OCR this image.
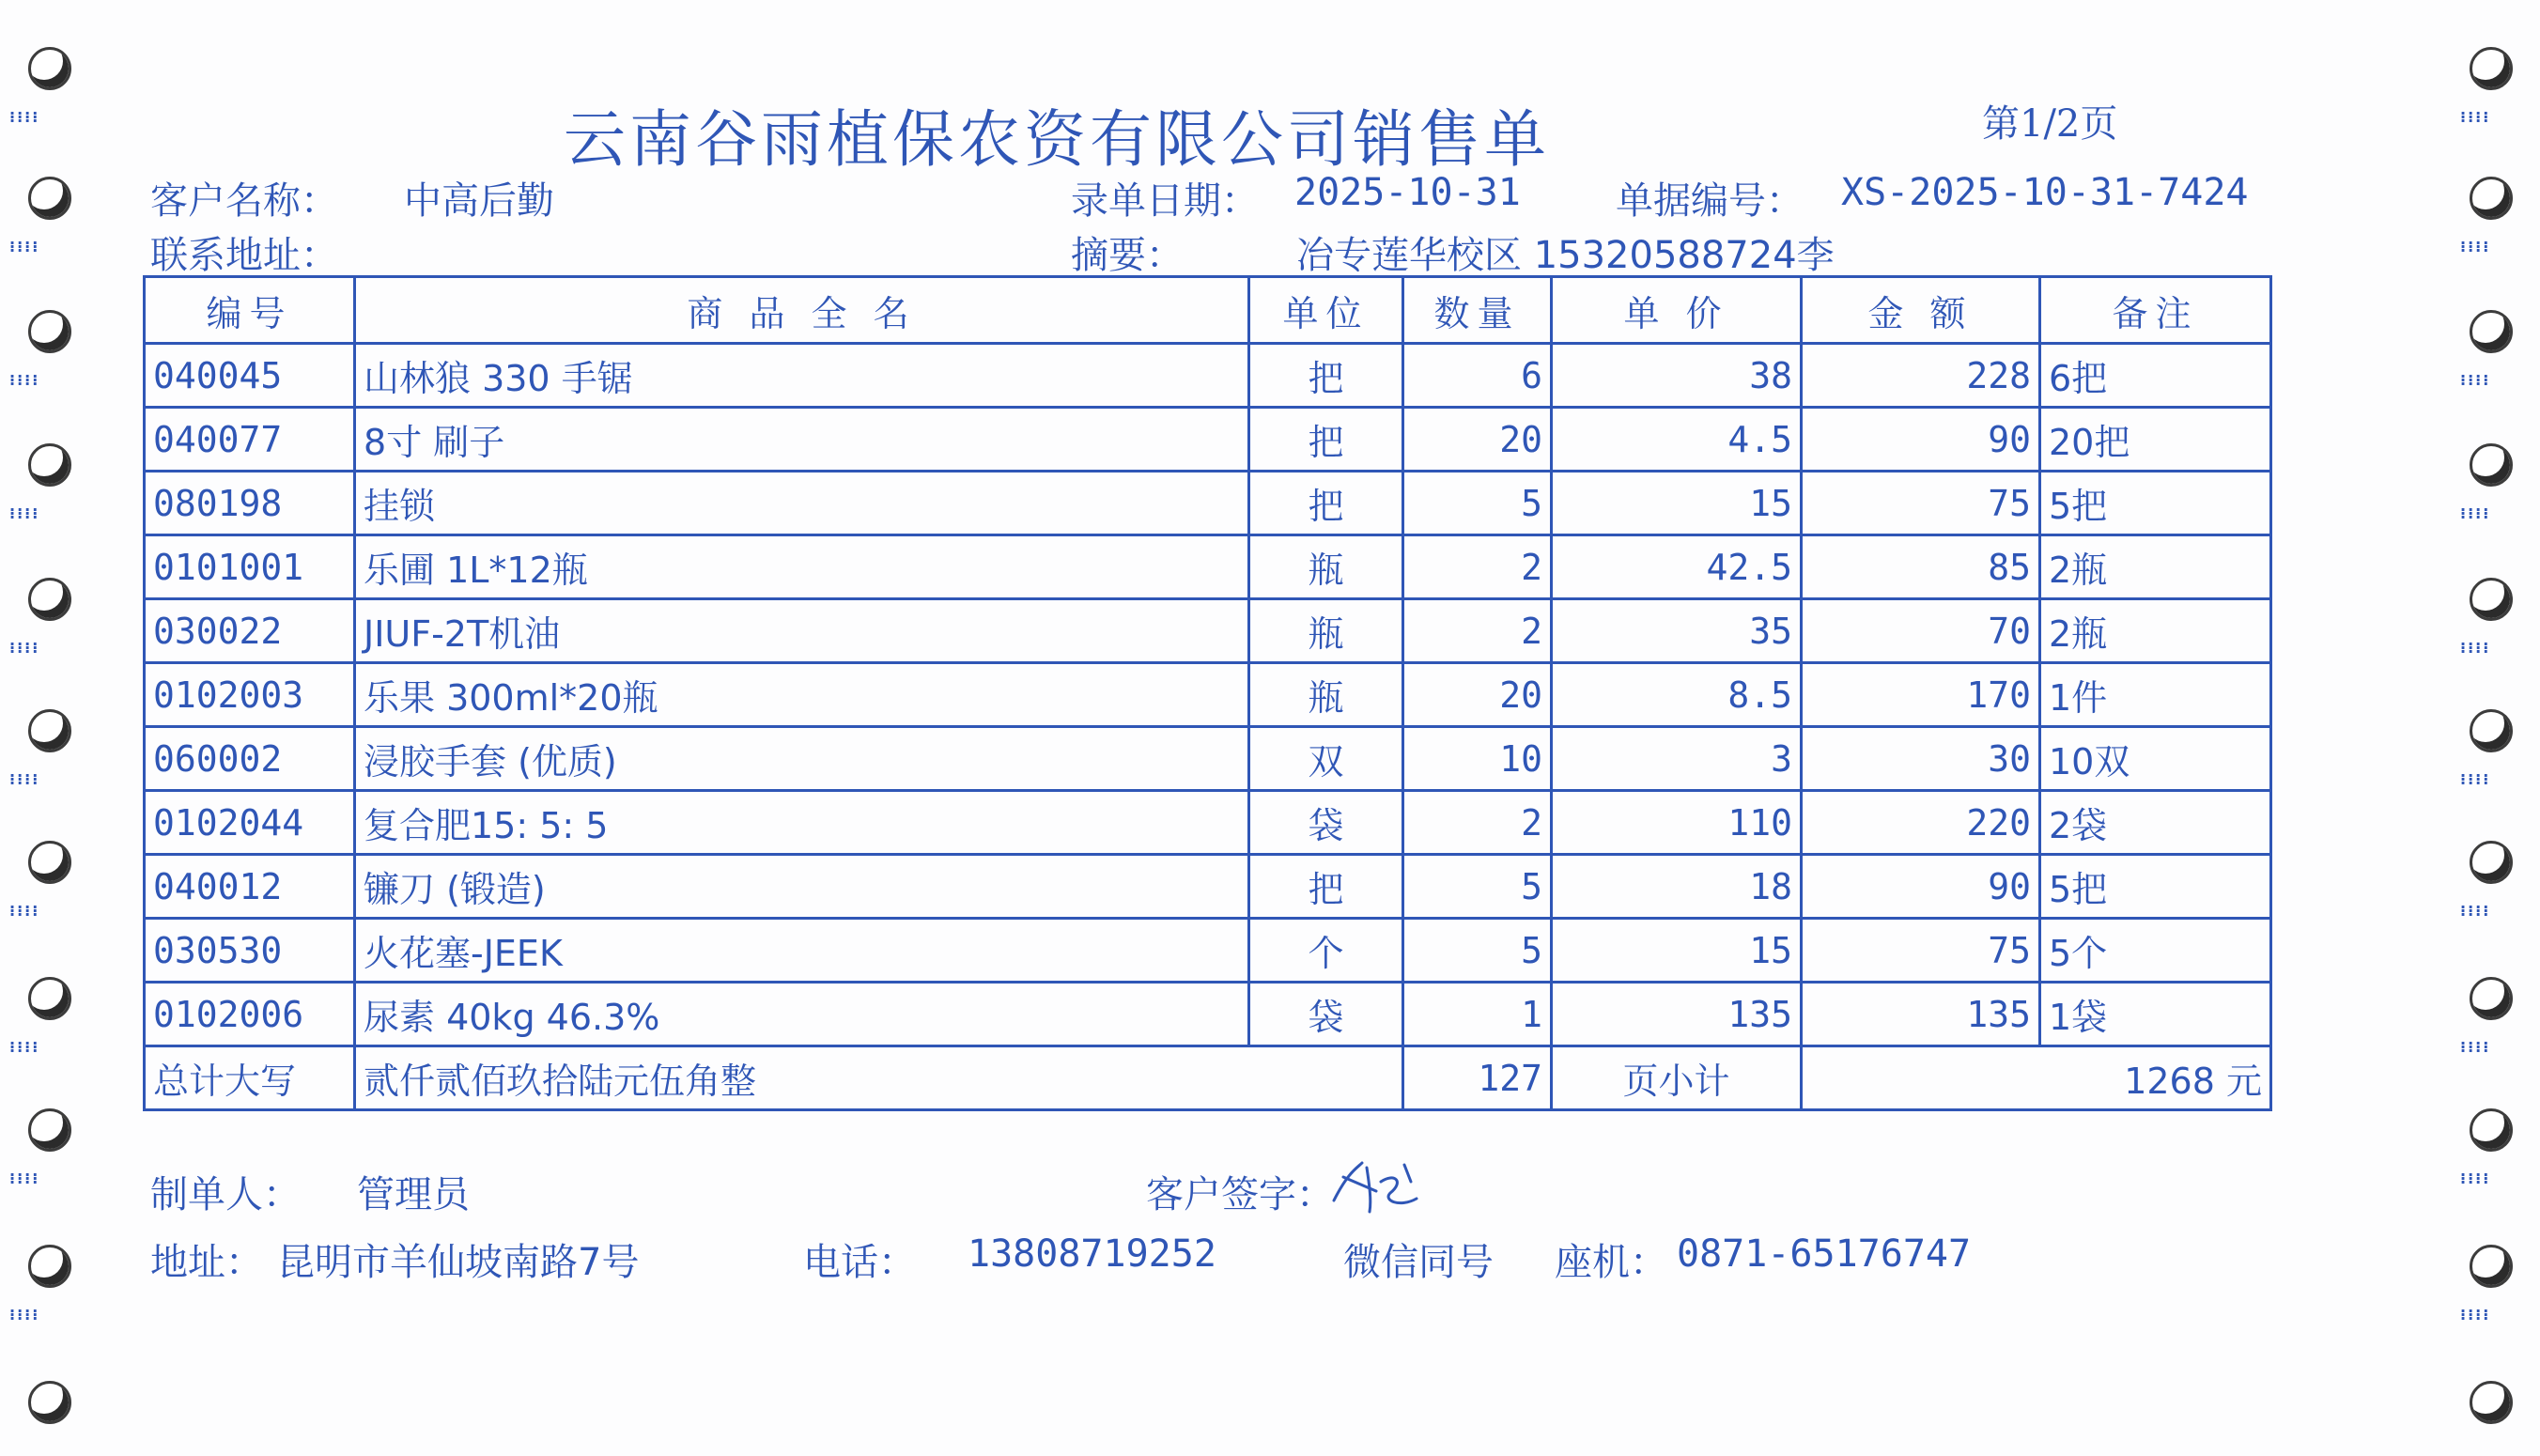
⁝⁝⁝⁝
⁝⁝⁝⁝
⁝⁝⁝⁝
⁝⁝⁝⁝
⁝⁝⁝⁝
⁝⁝⁝⁝
⁝⁝⁝⁝
⁝⁝⁝⁝
⁝⁝⁝⁝
⁝⁝⁝⁝
⁝⁝⁝⁝
⁝⁝⁝⁝
⁝⁝⁝⁝
⁝⁝⁝⁝
⁝⁝⁝⁝
⁝⁝⁝⁝
⁝⁝⁝⁝
⁝⁝⁝⁝
⁝⁝⁝⁝
⁝⁝⁝⁝
云南谷雨植保农资有限公司销售单	第1/2页
客户名称： 中高后勤	录单日期： 2025-10-31	单据编号： XS-2025-10-31-7424
联系地址：	摘要：	冶专莲华校区 15320588724李
编号	商 品 全 名	单位	数量	单 价	金 额	备注
040045	山林狼 330 手锯	把	6	38	228	6把
040077	8寸 刷子	把	20	4.5	90	20把
080198	挂锁	把	5	15	75	5把
0101001	乐圃 1L*12瓶	瓶	2	42.5	85	2瓶
030022	JIUF-2T机油	瓶	2	35	70	2瓶
0102003	乐果 300ml*20瓶	瓶	20	8.5	170	1件
060002	浸胶手套 (优质)	双	10	3	30	10双
0102044	复合肥15: 5: 5	袋	2	110	220	2袋
040012	镰刀 (锻造)	把	5	18	90	5把
030530	火花塞-JEEK	个	5	15	75	5个
0102006	尿素 40kg 46.3%	袋	1	135	135	1袋
总计大写	贰仟贰佰玖拾陆元伍角整		127	页小计	1268 元	
制单人： 管理员	客户签字：
地址： 昆明市羊仙坡南路7号	电话： 13808719252	微信同号 座机： 0871-65176747
